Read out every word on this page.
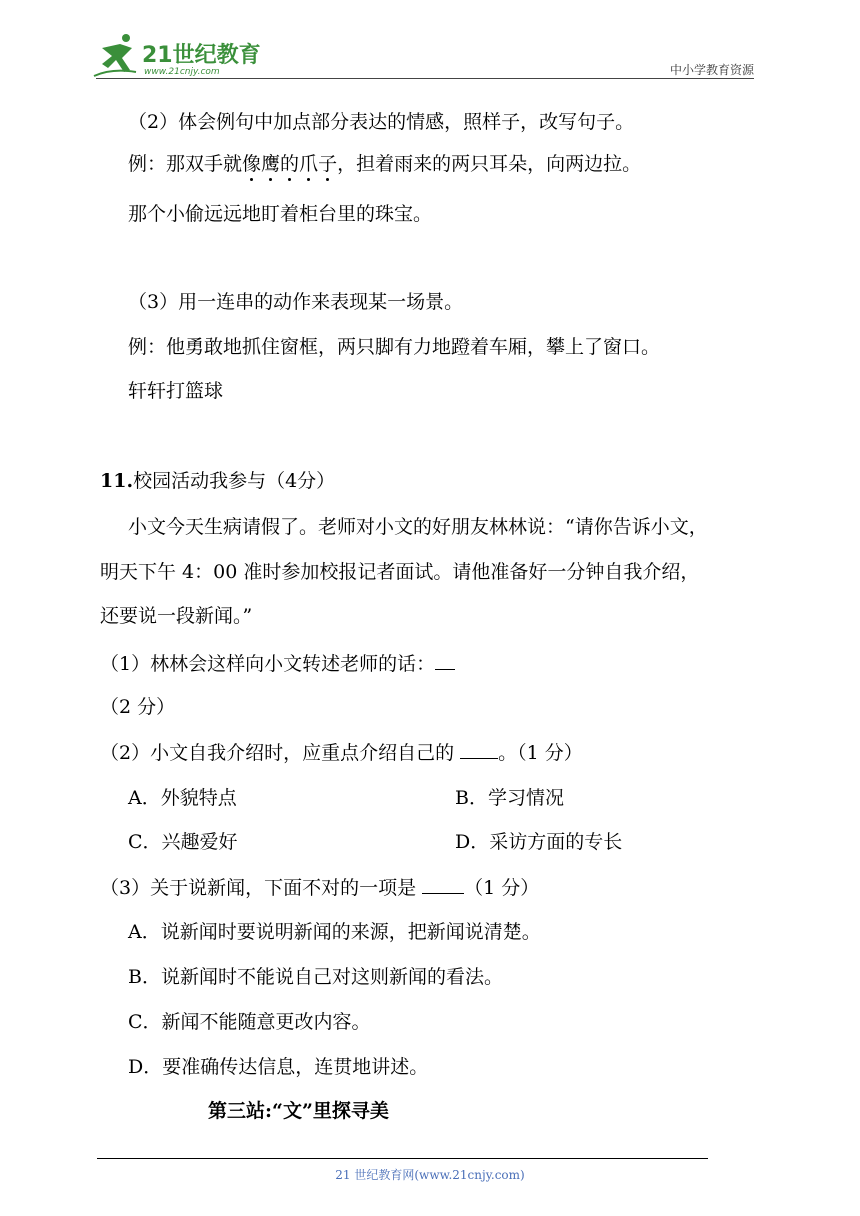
21世纪教育
www.21cnjy.com	中小学教育资源
（2）体会例句中加点部分表达的情感，照样子，改写句子。
例：那双手就像鹰的爪子，担着雨来的两只耳朵，向两边拉。
那个小偷远远地盯着柜台里的珠宝。
（3）用一连串的动作来表现某一场景。
例：他勇敢地抓住窗框，两只脚有力地蹬着车厢，攀上了窗口。
轩轩打篮球
11.校园活动我参与（4分）
小文今天生病请假了。老师对小文的好朋友林林说：“请你告诉小文，
明天下午 4：00 准时参加校报记者面试。请他准备好一分钟自我介绍，
还要说一段新闻。”
（1）林林会这样向小文转述老师的话：
（2 分）
（2）小文自我介绍时，应重点介绍自己的 。（1 分）
A．外貌特点	B．学习情况
C．兴趣爱好	D．采访方面的专长
（3）关于说新闻，下面不对的一项是 （1 分）
A．说新闻时要说明新闻的来源，把新闻说清楚。
B．说新闻时不能说自己对这则新闻的看法。
C．新闻不能随意更改内容。
D．要准确传达信息，连贯地讲述。
第三站:“文”里探寻美
21 世纪教育网(www.21cnjy.com)
